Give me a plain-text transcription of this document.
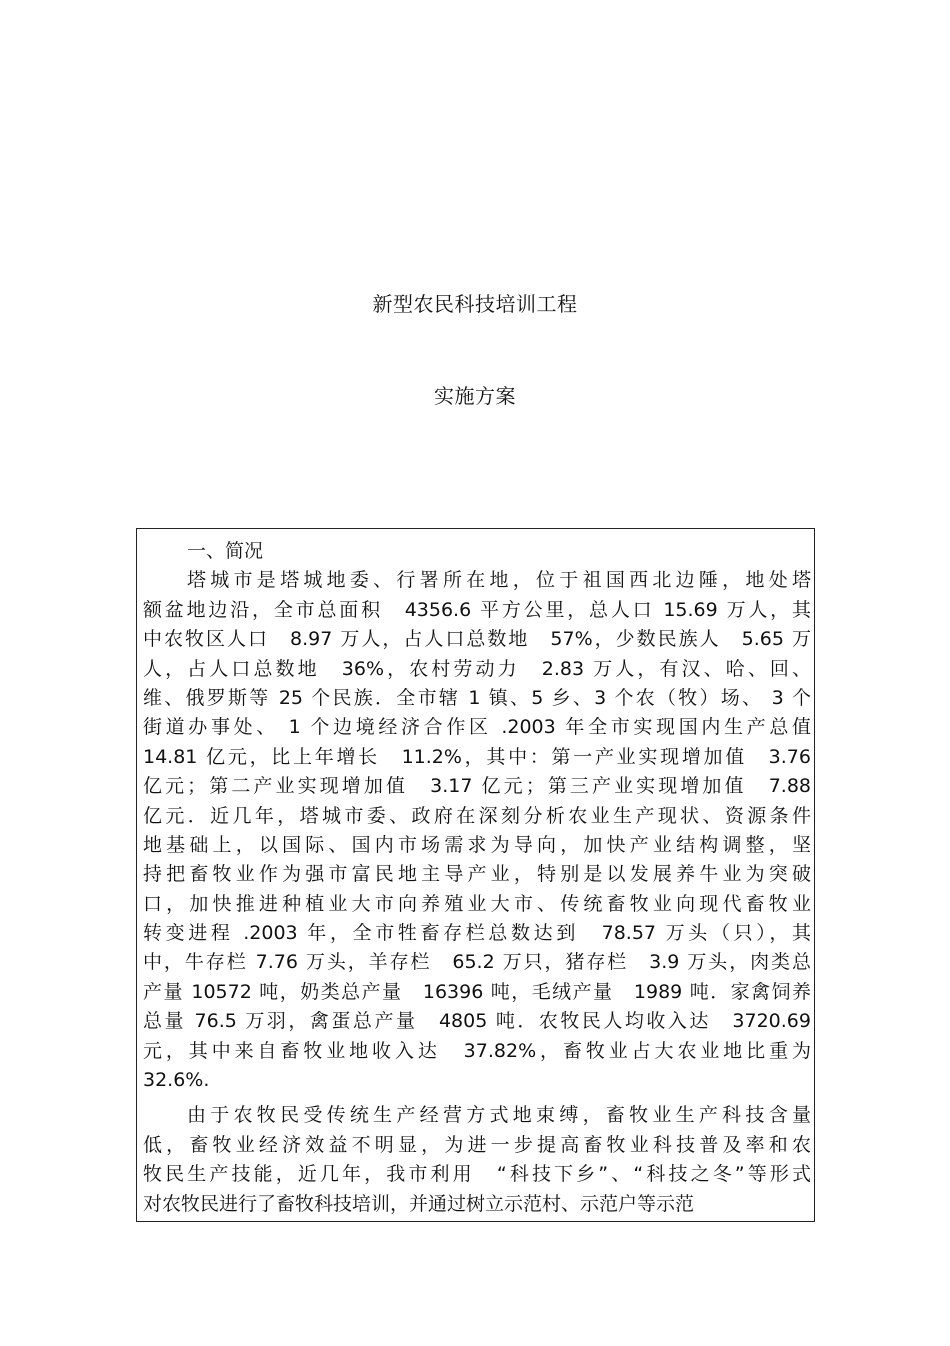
新型农民科技培训工程
实施方案
一、简况
塔城市是塔城地委、行署所在地，位于祖国西北边陲，地处塔
额盆地边沿，全市总面积　4356.6 平方公里，总人口 15.69 万人，其
中农牧区人口　8.97 万人，占人口总数地　57%，少数民族人　5.65 万
人，占人口总数地　36%，农村劳动力　2.83 万人，有汉、哈、回、
维、俄罗斯等 25 个民族．全市辖 1 镇、5 乡、3 个农（牧）场、 3 个
街道办事处、 1 个边境经济合作区 .2003 年全市实现国内生产总值
14.81 亿元，比上年增长　11.2%，其中：第一产业实现增加值　3.76
亿元；第二产业实现增加值　3.17 亿元；第三产业实现增加值　7.88
亿元．近几年，塔城市委、政府在深刻分析农业生产现状、资源条件
地基础上，以国际、国内市场需求为导向，加快产业结构调整，坚
持把畜牧业作为强市富民地主导产业，特别是以发展养牛业为突破
口，加快推进种植业大市向养殖业大市、传统畜牧业向现代畜牧业
转变进程 .2003 年，全市牲畜存栏总数达到　78.57 万头（只），其
中，牛存栏 7.76 万头，羊存栏　65.2 万只，猪存栏　3.9 万头，肉类总
产量 10572 吨，奶类总产量　16396 吨，毛绒产量　1989 吨．家禽饲养
总量 76.5 万羽，禽蛋总产量　4805 吨．农牧民人均收入达　3720.69
元，其中来自畜牧业地收入达　37.82%，畜牧业占大农业地比重为
32.6%.
由于农牧民受传统生产经营方式地束缚，畜牧业生产科技含量
低，畜牧业经济效益不明显，为进一步提高畜牧业科技普及率和农
牧民生产技能，近几年，我市利用　“科技下乡”、“科技之冬”等形式
对农牧民进行了畜牧科技培训，并通过树立示范村、示范户等示范
